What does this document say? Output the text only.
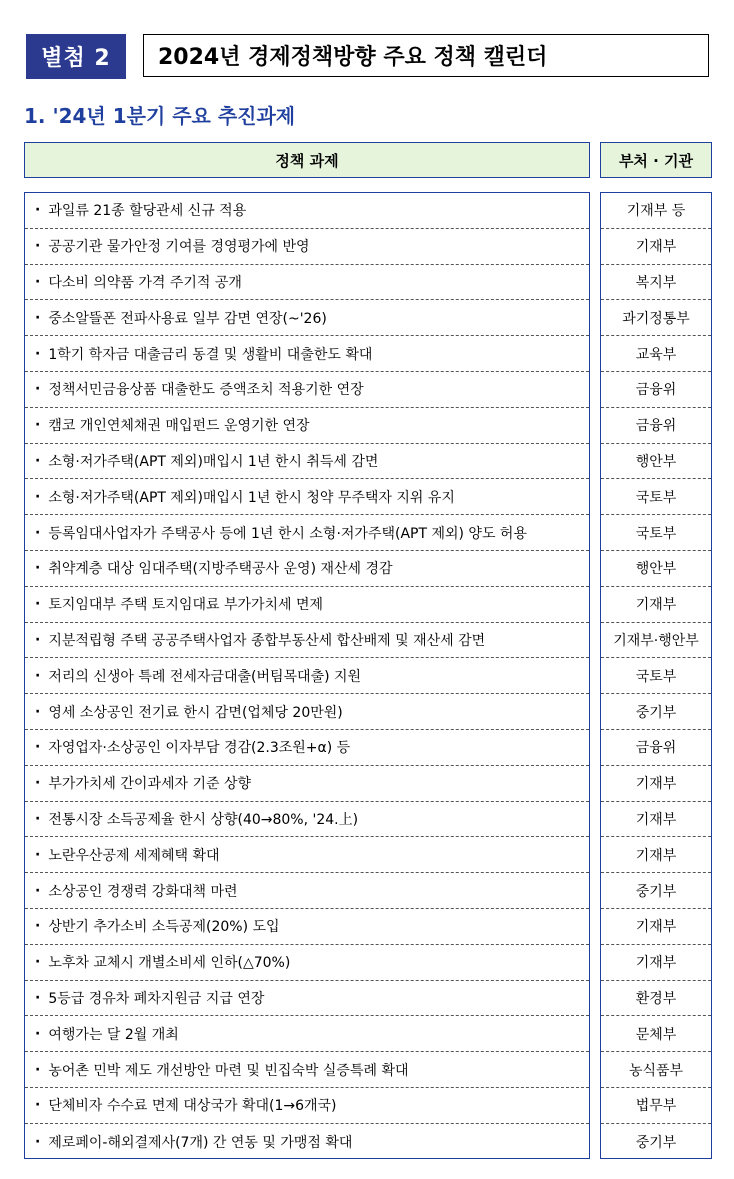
별첨 2	2024년 경제정책방향 주요 정책 캘린더
1. '24년 1분기 주요 추진과제
정책 과제	부처 · 기관
· 과일류 21종 할당관세 신규 적용
· 공공기관 물가안정 기여를 경영평가에 반영
· 다소비 의약품 가격 주기적 공개
· 중소알뜰폰 전파사용료 일부 감면 연장(~'26)
· 1학기 학자금 대출금리 동결 및 생활비 대출한도 확대
· 정책서민금융상품 대출한도 증액조치 적용기한 연장
· 캠코 개인연체채권 매입펀드 운영기한 연장
· 소형·저가주택(APT 제외)매입시 1년 한시 취득세 감면
· 소형·저가주택(APT 제외)매입시 1년 한시 청약 무주택자 지위 유지
· 등록임대사업자가 주택공사 등에 1년 한시 소형·저가주택(APT 제외) 양도 허용
· 취약계층 대상 임대주택(지방주택공사 운영) 재산세 경감
· 토지임대부 주택 토지임대료 부가가치세 면제
· 지분적립형 주택 공공주택사업자 종합부동산세 합산배제 및 재산세 감면
· 저리의 신생아 특례 전세자금대출(버팀목대출) 지원
· 영세 소상공인 전기료 한시 감면(업체당 20만원)
· 자영업자·소상공인 이자부담 경감(2.3조원+α) 등
· 부가가치세 간이과세자 기준 상향
· 전통시장 소득공제율 한시 상향(40→80%, '24.上)
· 노란우산공제 세제혜택 확대
· 소상공인 경쟁력 강화대책 마련
· 상반기 추가소비 소득공제(20%) 도입
· 노후차 교체시 개별소비세 인하(△70%)
· 5등급 경유차 폐차지원금 지급 연장
· 여행가는 달 2월 개최
· 농어촌 민박 제도 개선방안 마련 및 빈집숙박 실증특례 확대
· 단체비자 수수료 면제 대상국가 확대(1→6개국)
· 제로페이-해외결제사(7개) 간 연동 및 가맹점 확대
기재부 등
기재부
복지부
과기정통부
교육부
금융위
금융위
행안부
국토부
국토부
행안부
기재부
기재부·행안부
국토부
중기부
금융위
기재부
기재부
기재부
중기부
기재부
기재부
환경부
문체부
농식품부
법무부
중기부
